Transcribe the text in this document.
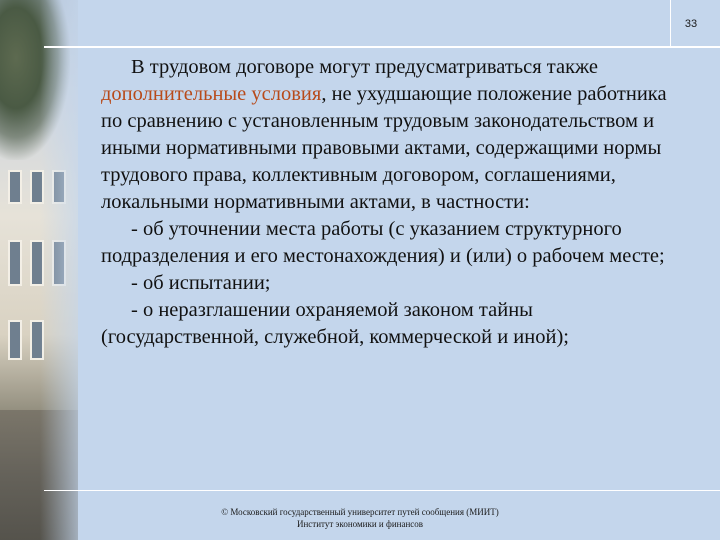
33

В трудовом договоре могут предусматриваться также дополнительные условия, не ухудшающие положение работника по сравнению с установленным трудовым законодательством и иными нормативными правовыми актами, содержащими нормы трудового права, коллективным договором, соглашениями, локальными нормативными актами, в частности:

- об уточнении места работы (с указанием структурного подразделения и его местонахождения) и (или) о рабочем месте;

- об испытании;

- о неразглашении охраняемой законом тайны (государственной, служебной, коммерческой и иной);

© Московский государственный университет путей сообщения (МИИТ)
Институт экономики и финансов
